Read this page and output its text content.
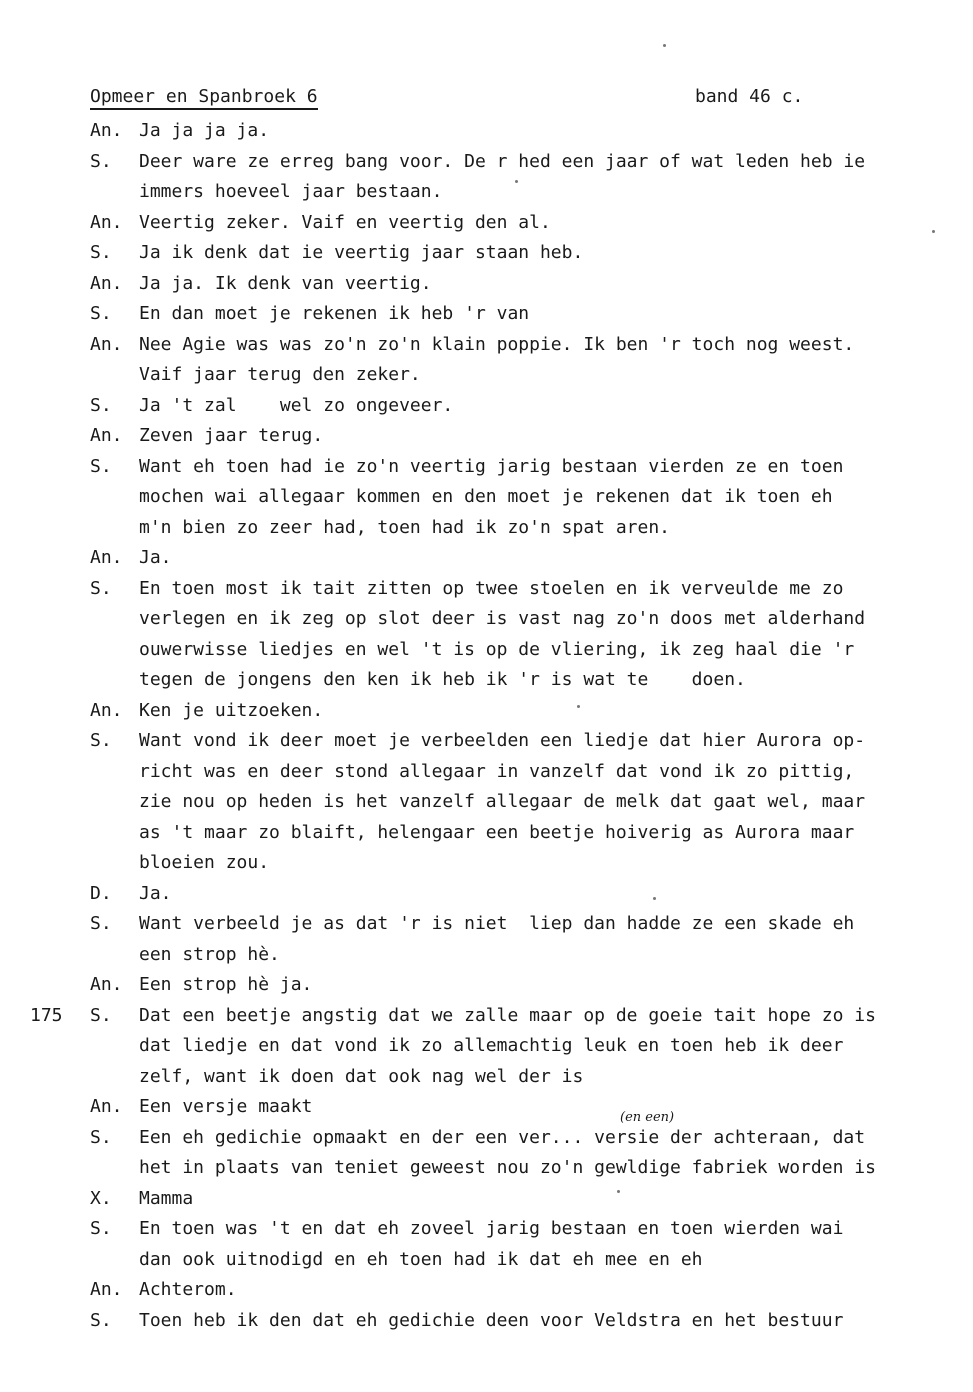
Opmeer en Spanbroek 6	band 46 c.
An. Ja ja ja ja.
S. Deer ware ze erreg bang voor. De r hed een jaar of wat leden heb ie
immers hoeveel jaar bestaan.
An. Veertig zeker. Vaif en veertig den al.
S. Ja ik denk dat ie veertig jaar staan heb.
An. Ja ja. Ik denk van veertig.
S. En dan moet je rekenen ik heb 'r van
An. Nee Agie was was zo'n zo'n klain poppie. Ik ben 'r toch nog weest.
Vaif jaar terug den zeker.
S. Ja 't zal    wel zo ongeveer.
An. Zeven jaar terug.
S. Want eh toen had ie zo'n veertig jarig bestaan vierden ze en toen
mochen wai allegaar kommen en den moet je rekenen dat ik toen eh
m'n bien zo zeer had, toen had ik zo'n spat aren.
An. Ja.
S. En toen most ik tait zitten op twee stoelen en ik verveulde me zo
verlegen en ik zeg op slot deer is vast nag zo'n doos met alderhand
ouwerwisse liedjes en wel 't is op de vliering, ik zeg haal die 'r
tegen de jongens den ken ik heb ik 'r is wat te    doen.
An. Ken je uitzoeken.
S. Want vond ik deer moet je verbeelden een liedje dat hier Aurora op-
richt was en deer stond allegaar in vanzelf dat vond ik zo pittig,
zie nou op heden is het vanzelf allegaar de melk dat gaat wel, maar
as 't maar zo blaift, helengaar een beetje hoiverig as Aurora maar
bloeien zou.
D. Ja.
S. Want verbeeld je as dat 'r is niet  liep dan hadde ze een skade eh
een strop hè.
An. Een strop hè ja.
S. Dat een beetje angstig dat we zalle maar op de goeie tait hope zo is
175
dat liedje en dat vond ik zo allemachtig leuk en toen heb ik deer
zelf, want ik doen dat ook nag wel der is
An. Een versje maakt
S. Een eh gedichie opmaakt en der een ver... versie der achteraan, dat
(en een)
het in plaats van teniet geweest nou zo'n gewldige fabriek worden is
X. Mamma
S. En toen was 't en dat eh zoveel jarig bestaan en toen wierden wai
dan ook uitnodigd en eh toen had ik dat eh mee en eh
An. Achterom.
S. Toen heb ik den dat eh gedichie deen voor Veldstra en het bestuur
